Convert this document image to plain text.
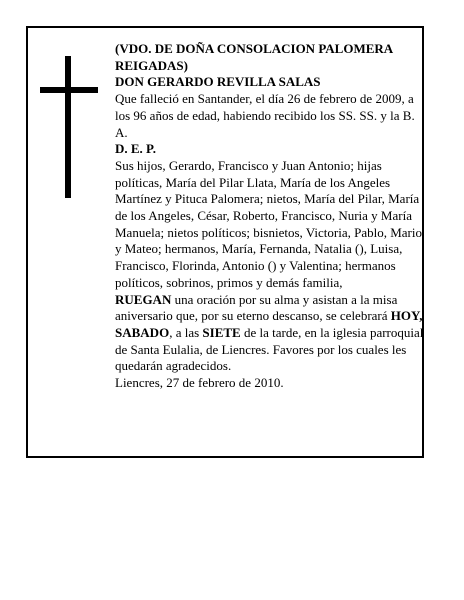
(VDO. DE DOÑA CONSOLACION PALOMERA REIGADAS)

DON GERARDO REVILLA SALAS

Que falleció en Santander, el día 26 de febrero de 2009, a los 96 años de edad, habiendo recibido los SS. SS. y la B. A.

D. E. P.

Sus hijos, Gerardo, Francisco y Juan Antonio; hijas políticas, María del Pilar Llata, María de los Angeles Martínez y Pituca Palomera; nietos, María del Pilar, María de los Angeles, César, Roberto, Francisco, Nuria y María Manuela; nietos políticos; bisnietos, Victoria, Pablo, Mario y Mateo; hermanos, María, Fernanda, Natalia (), Luisa, Francisco, Florinda, Antonio () y Valentina; hermanos políticos, sobrinos, primos y demás familia,

RUEGAN una oración por su alma y asistan a la misa aniversario que, por su eterno descanso, se celebrará HOY, SABADO, a las SIETE de la tarde, en la iglesia parroquial de Santa Eulalia, de Liencres. Favores por los cuales les quedarán agradecidos.

Liencres, 27 de febrero de 2010.
